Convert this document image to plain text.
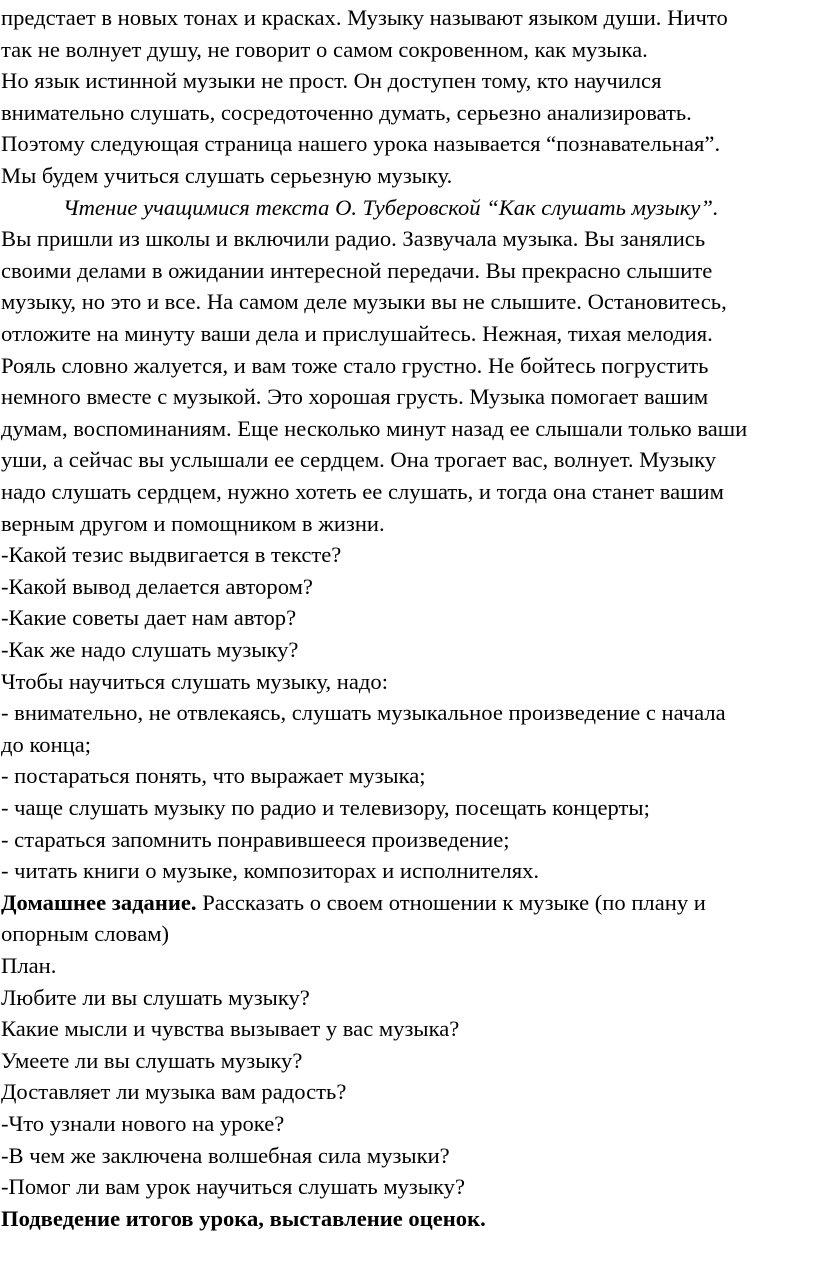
предстает в новых тонах и красках. Музыку называют языком души. Ничто
так не волнует душу, не говорит о самом сокровенном, как музыка.
Но язык истинной музыки не прост. Он доступен тому, кто научился
внимательно слушать, сосредоточенно думать, серьезно анализировать.
Поэтому следующая страница нашего урока называется “познавательная”.
Мы будем учиться слушать серьезную музыку.
Чтение учащимися текста О. Туберовской “Как слушать музыку”.
Вы пришли из школы и включили радио. Зазвучала музыка. Вы занялись
своими делами в ожидании интересной передачи. Вы прекрасно слышите
музыку, но это и все. На самом деле музыки вы не слышите. Остановитесь,
отложите на минуту ваши дела и прислушайтесь. Нежная, тихая мелодия.
Рояль словно жалуется, и вам тоже стало грустно. Не бойтесь погрустить
немного вместе с музыкой. Это хорошая грусть. Музыка помогает вашим
думам, воспоминаниям. Еще несколько минут назад ее слышали только ваши
уши, а сейчас вы услышали ее сердцем. Она трогает вас, волнует. Музыку
надо слушать сердцем, нужно хотеть ее слушать, и тогда она станет вашим
верным другом и помощником в жизни.
-Какой тезис выдвигается в тексте?
-Какой вывод делается автором?
-Какие советы дает нам автор?
-Как же надо слушать музыку?
Чтобы научиться слушать музыку, надо:
- внимательно, не отвлекаясь, слушать музыкальное произведение с начала
до конца;
- постараться понять, что выражает музыка;
- чаще слушать музыку по радио и телевизору, посещать концерты;
- стараться запомнить понравившееся произведение;
- читать книги о музыке, композиторах и исполнителях.
Домашнее задание. Рассказать о своем отношении к музыке (по плану и
опорным словам)
План.
Любите ли вы слушать музыку?
Какие мысли и чувства вызывает у вас музыка?
Умеете ли вы слушать музыку?
Доставляет ли музыка вам радость?
-Что узнали нового на уроке?
-В чем же заключена волшебная сила музыки?
-Помог ли вам урок научиться слушать музыку?
Подведение итогов урока, выставление оценок.
